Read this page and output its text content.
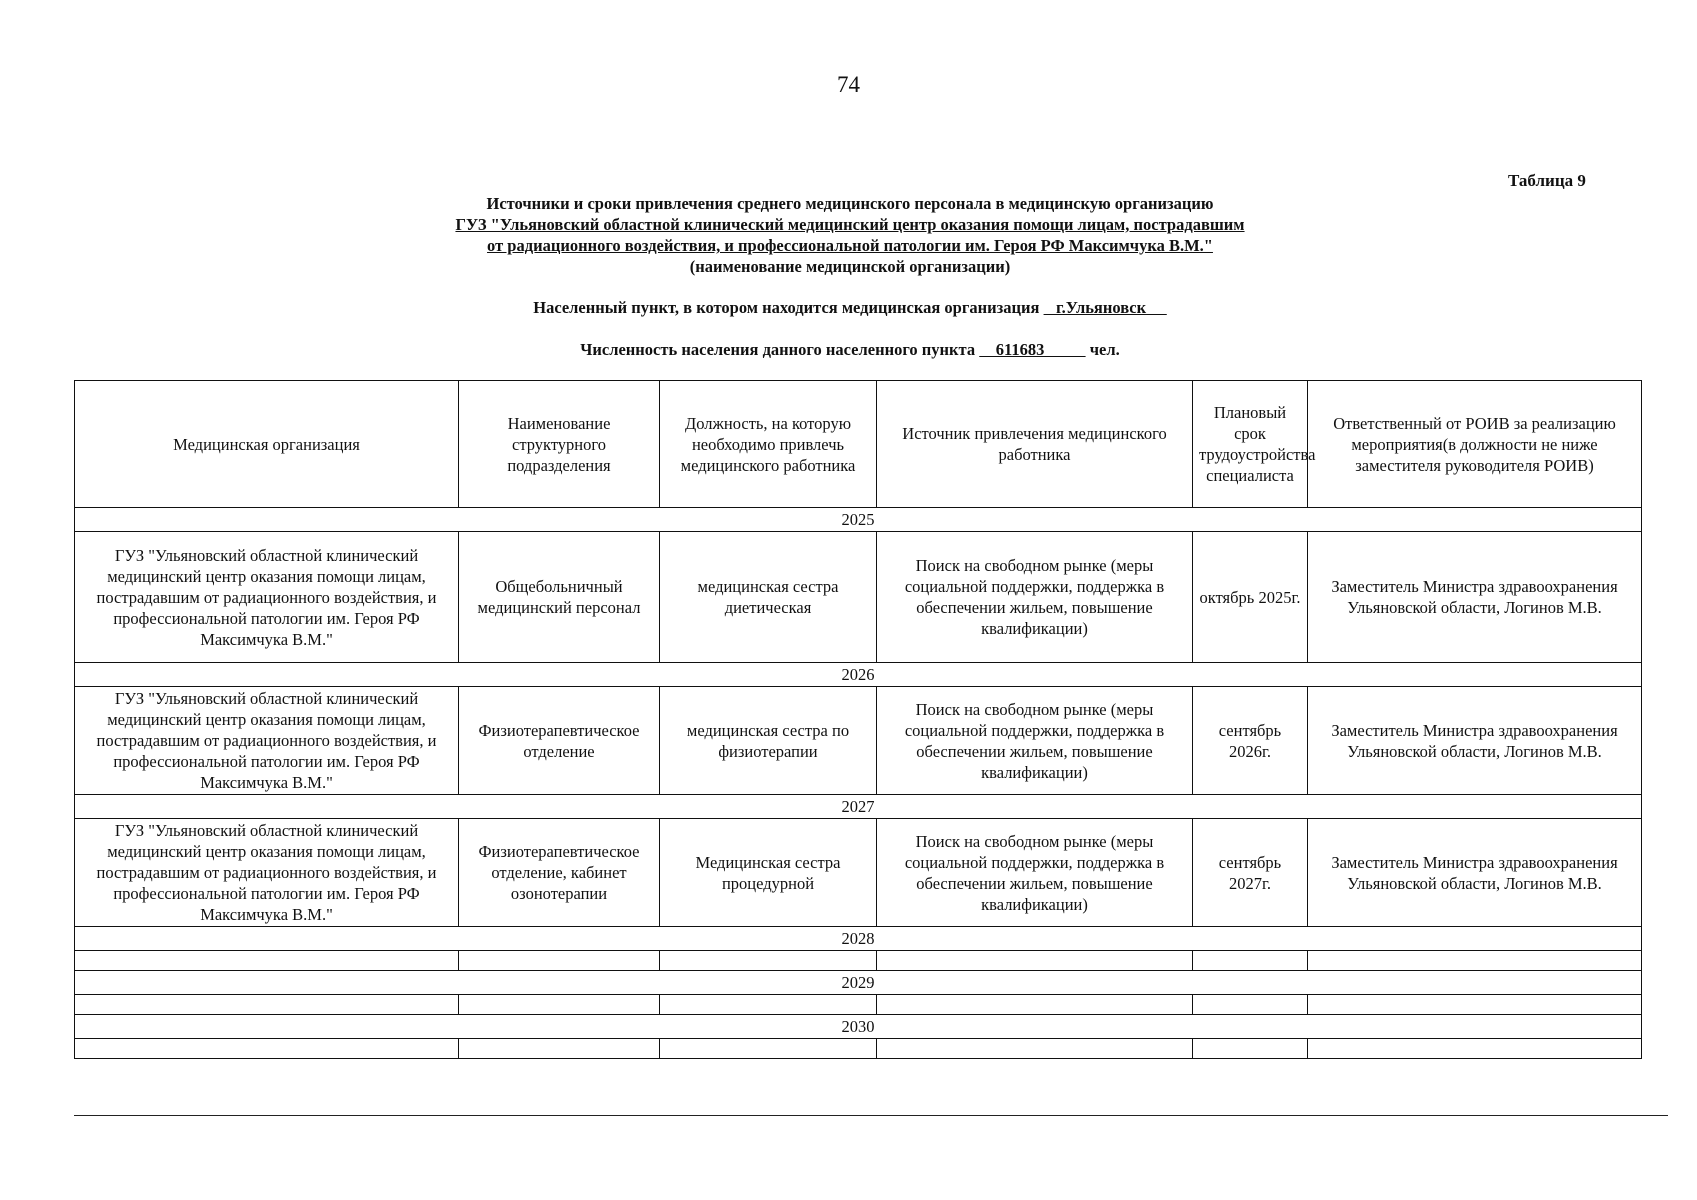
74
Таблица 9
Источники и сроки привлечения среднего медицинского персонала в медицинскую организацию
ГУЗ "Ульяновский областной клинический медицинский центр оказания помощи лицам, пострадавшим
от радиационного воздействия, и профессиональной патологии им. Героя РФ Максимчука В.М."
(наименование медицинской организации)
Населенный пункт, в котором находится медицинская организация    г.Ульяновск
Численность населения данного населенного пункта     611683           чел.
Медицинская организация	Наименование структурного подразделения	Должность, на которую необходимо привлечь медицинского работника	Источник привлечения медицинского работника	Плановый срок трудоустройства специалиста	Ответственный от РОИВ за реализацию мероприятия(в должности не ниже заместителя руководителя РОИВ)
2025					
ГУЗ "Ульяновский областной клинический медицинский центр оказания помощи лицам, пострадавшим от радиационного воздействия, и профессиональной патологии им. Героя РФ Максимчука В.М."	Общебольничный медицинский персонал	медицинская сестра диетическая	Поиск на свободном рынке (меры социальной поддержки, поддержка в обеспечении жильем, повышение квалификации)	октябрь 2025г.	Заместитель Министра здравоохранения Ульяновской области, Логинов М.В.
2026					
ГУЗ "Ульяновский областной клинический медицинский центр оказания помощи лицам, пострадавшим от радиационного воздействия, и профессиональной патологии им. Героя РФ Максимчука В.М."	Физиотерапевтическое отделение	медицинская сестра по физиотерапии	Поиск на свободном рынке (меры социальной поддержки, поддержка в обеспечении жильем, повышение квалификации)	сентябрь 2026г.	Заместитель Министра здравоохранения Ульяновской области, Логинов М.В.
2027					
ГУЗ "Ульяновский областной клинический медицинский центр оказания помощи лицам, пострадавшим от радиационного воздействия, и профессиональной патологии им. Героя РФ Максимчука В.М."	Физиотерапевтическое отделение, кабинет озонотерапии	Медицинская сестра процедурной	Поиск на свободном рынке (меры социальной поддержки, поддержка в обеспечении жильем, повышение квалификации)	сентябрь 2027г.	Заместитель Министра здравоохранения Ульяновской области, Логинов М.В.
2028					

2029					

2030					
